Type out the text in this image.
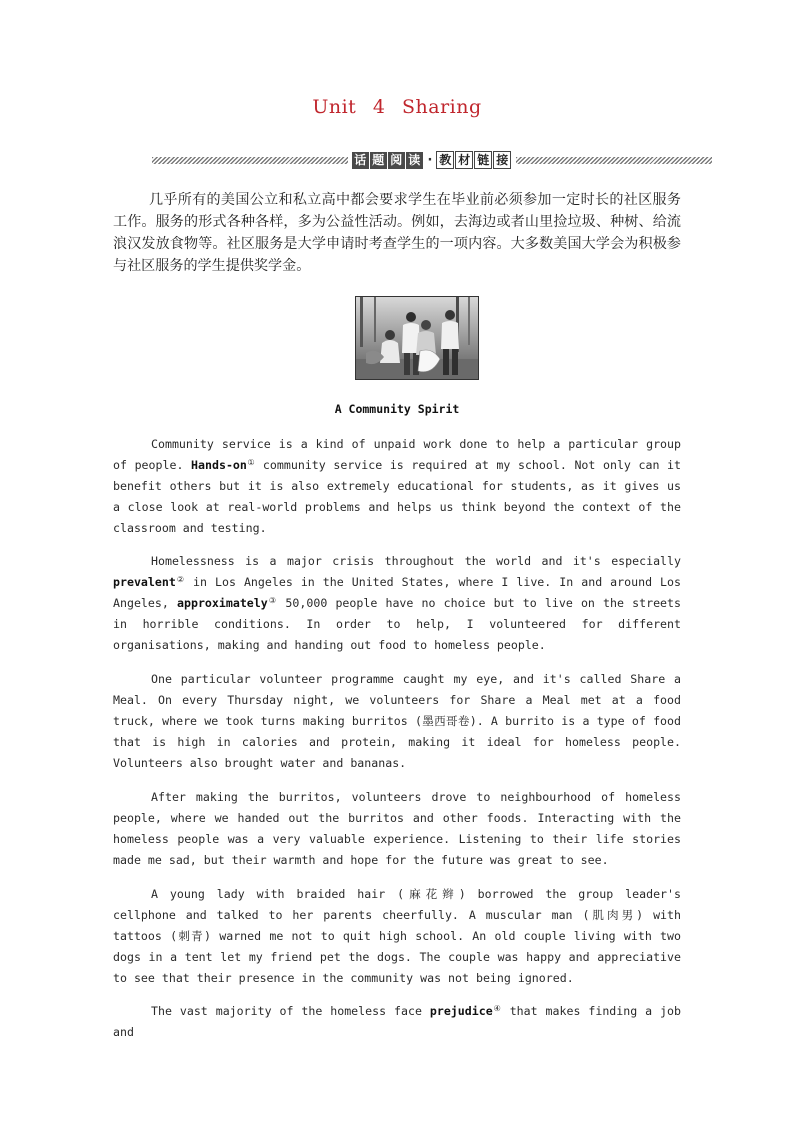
Unit 4 Sharing
话 题 阅 读 · 教 材 链 接
几乎所有的美国公立和私立高中都会要求学生在毕业前必须参加一定时长的社区服务工作。服务的形式各种各样，多为公益性活动。例如，去海边或者山里捡垃圾、种树、给流浪汉发放食物等。社区服务是大学申请时考查学生的一项内容。大多数美国大学会为积极参与社区服务的学生提供奖学金。
A Community Spirit

Community service is a kind of unpaid work done to help a particular group of people. Hands-on① community service is required at my school. Not only can it benefit others but it is also extremely educational for students, as it gives us a close look at real-world problems and helps us think beyond the context of the classroom and testing.

Homelessness is a major crisis throughout the world and it's especially prevalent② in Los Angeles in the United States, where I live. In and around Los Angeles, approximately③ 50,000 people have no choice but to live on the streets in horrible conditions. In order to help, I volunteered for different organisations, making and handing out food to homeless people.

One particular volunteer programme caught my eye, and it's called Share a Meal. On every Thursday night, we volunteers for Share a Meal met at a food truck, where we took turns making burritos (墨西哥卷). A burrito is a type of food that is high in calories and protein, making it ideal for homeless people. Volunteers also brought water and bananas.

After making the burritos, volunteers drove to neighbourhood of homeless people, where we handed out the burritos and other foods. Interacting with the homeless people was a very valuable experience. Listening to their life stories made me sad, but their warmth and hope for the future was great to see.

A young lady with braided hair (麻花辫) borrowed the group leader's cellphone and talked to her parents cheerfully. A muscular man (肌肉男) with tattoos (刺青) warned me not to quit high school. An old couple living with two dogs in a tent let my friend pet the dogs. The couple was happy and appreciative to see that their presence in the community was not being ignored.

The vast majority of the homeless face prejudice④ that makes finding a job and
